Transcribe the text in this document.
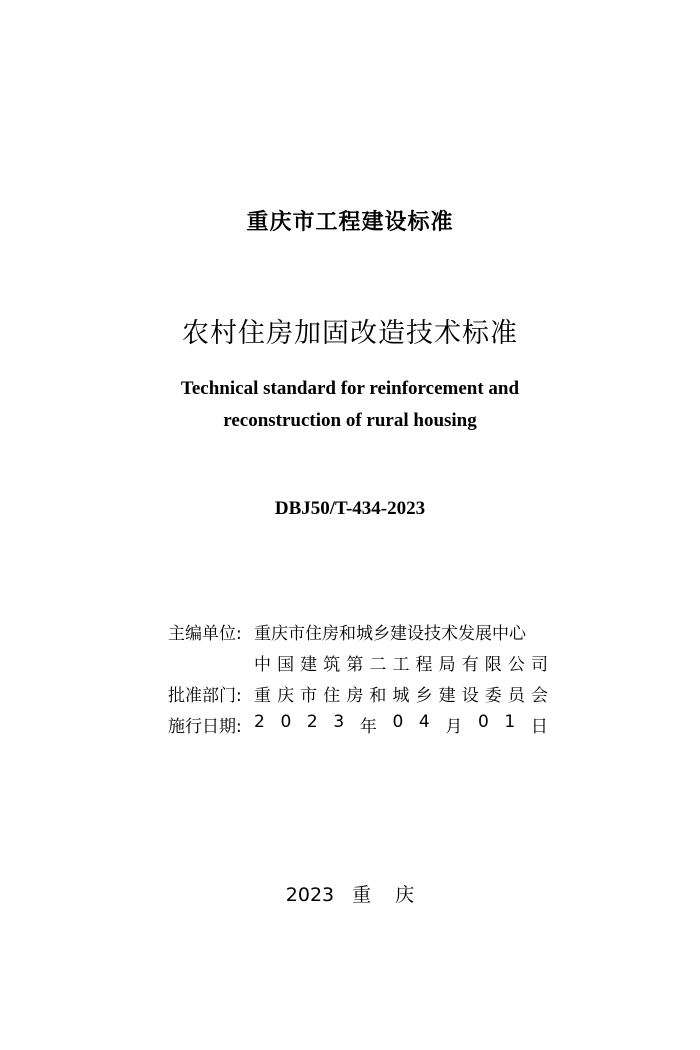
重庆市工程建设标准
农村住房加固改造技术标准
Technical standard for reinforcement and
reconstruction of rural housing
DBJ50/T-434-2023
主编单位: 重庆市住房和城乡建设技术发展中心
中 国 建 筑 第 二 工 程 局 有 限 公 司
批准部门: 重 庆 市 住 房 和 城 乡 建 设 委 员 会
施行日期: 2 0 2 3 年 0 4 月 0 1 日
2023 重 庆
